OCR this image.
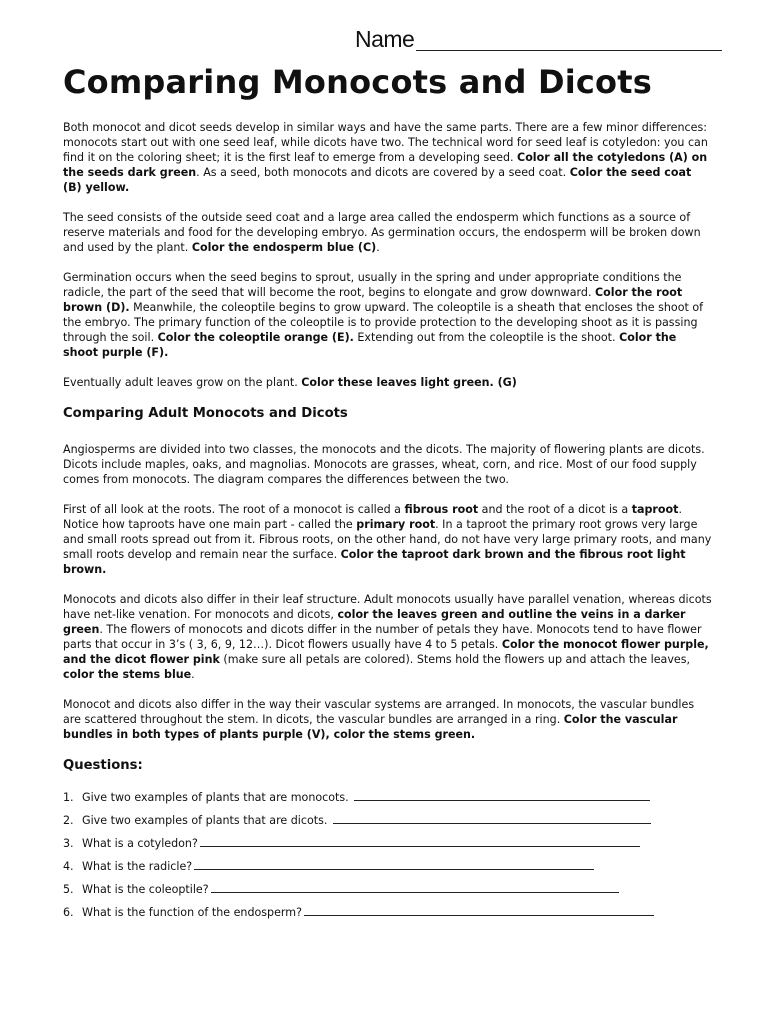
Name
Comparing Monocots and Dicots

Both monocot and dicot seeds develop in similar ways and have the same parts. There are a few minor differences: monocots start out with one seed leaf, while dicots have two. The technical word for seed leaf is cotyledon: you can find it on the coloring sheet; it is the first leaf to emerge from a developing seed. Color all the cotyledons (A) on the seeds dark green. As a seed, both monocots and dicots are covered by a seed coat. Color the seed coat (B) yellow.

The seed consists of the outside seed coat and a large area called the endosperm which functions as a source of reserve materials and food for the developing embryo. As germination occurs, the endosperm will be broken down and used by the plant. Color the endosperm blue (C).

Germination occurs when the seed begins to sprout, usually in the spring and under appropriate conditions the radicle, the part of the seed that will become the root, begins to elongate and grow downward. Color the root brown (D). Meanwhile, the coleoptile begins to grow upward. The coleoptile is a sheath that encloses the shoot of the embryo. The primary function of the coleoptile is to provide protection to the developing shoot as it is passing through the soil. Color the coleoptile orange (E). Extending out from the coleoptile is the shoot. Color the shoot purple (F).

Eventually adult leaves grow on the plant. Color these leaves light green. (G)

Comparing Adult Monocots and Dicots

Angiosperms are divided into two classes, the monocots and the dicots. The majority of flowering plants are dicots. Dicots include maples, oaks, and magnolias. Monocots are grasses, wheat, corn, and rice. Most of our food supply comes from monocots. The diagram compares the differences between the two.

First of all look at the roots. The root of a monocot is called a fibrous root and the root of a dicot is a taproot. Notice how taproots have one main part - called the primary root. In a taproot the primary root grows very large and small roots spread out from it. Fibrous roots, on the other hand, do not have very large primary roots, and many small roots develop and remain near the surface. Color the taproot dark brown and the fibrous root light brown.

Monocots and dicots also differ in their leaf structure. Adult monocots usually have parallel venation, whereas dicots have net-like venation. For monocots and dicots, color the leaves green and outline the veins in a darker green. The flowers of monocots and dicots differ in the number of petals they have. Monocots tend to have flower parts that occur in 3’s ( 3, 6, 9, 12…). Dicot flowers usually have 4 to 5 petals. Color the monocot flower purple, and the dicot flower pink (make sure all petals are colored). Stems hold the flowers up and attach the leaves, color the stems blue.

Monocot and dicots also differ in the way their vascular systems are arranged. In monocots, the vascular bundles are scattered throughout the stem. In dicots, the vascular bundles are arranged in a ring. Color the vascular bundles in both types of plants purple (V), color the stems green.

Questions:
1. Give two examples of plants that are monocots.
2. Give two examples of plants that are dicots.
3. What is a cotyledon?
4. What is the radicle?
5. What is the coleoptile?
6. What is the function of the endosperm?
